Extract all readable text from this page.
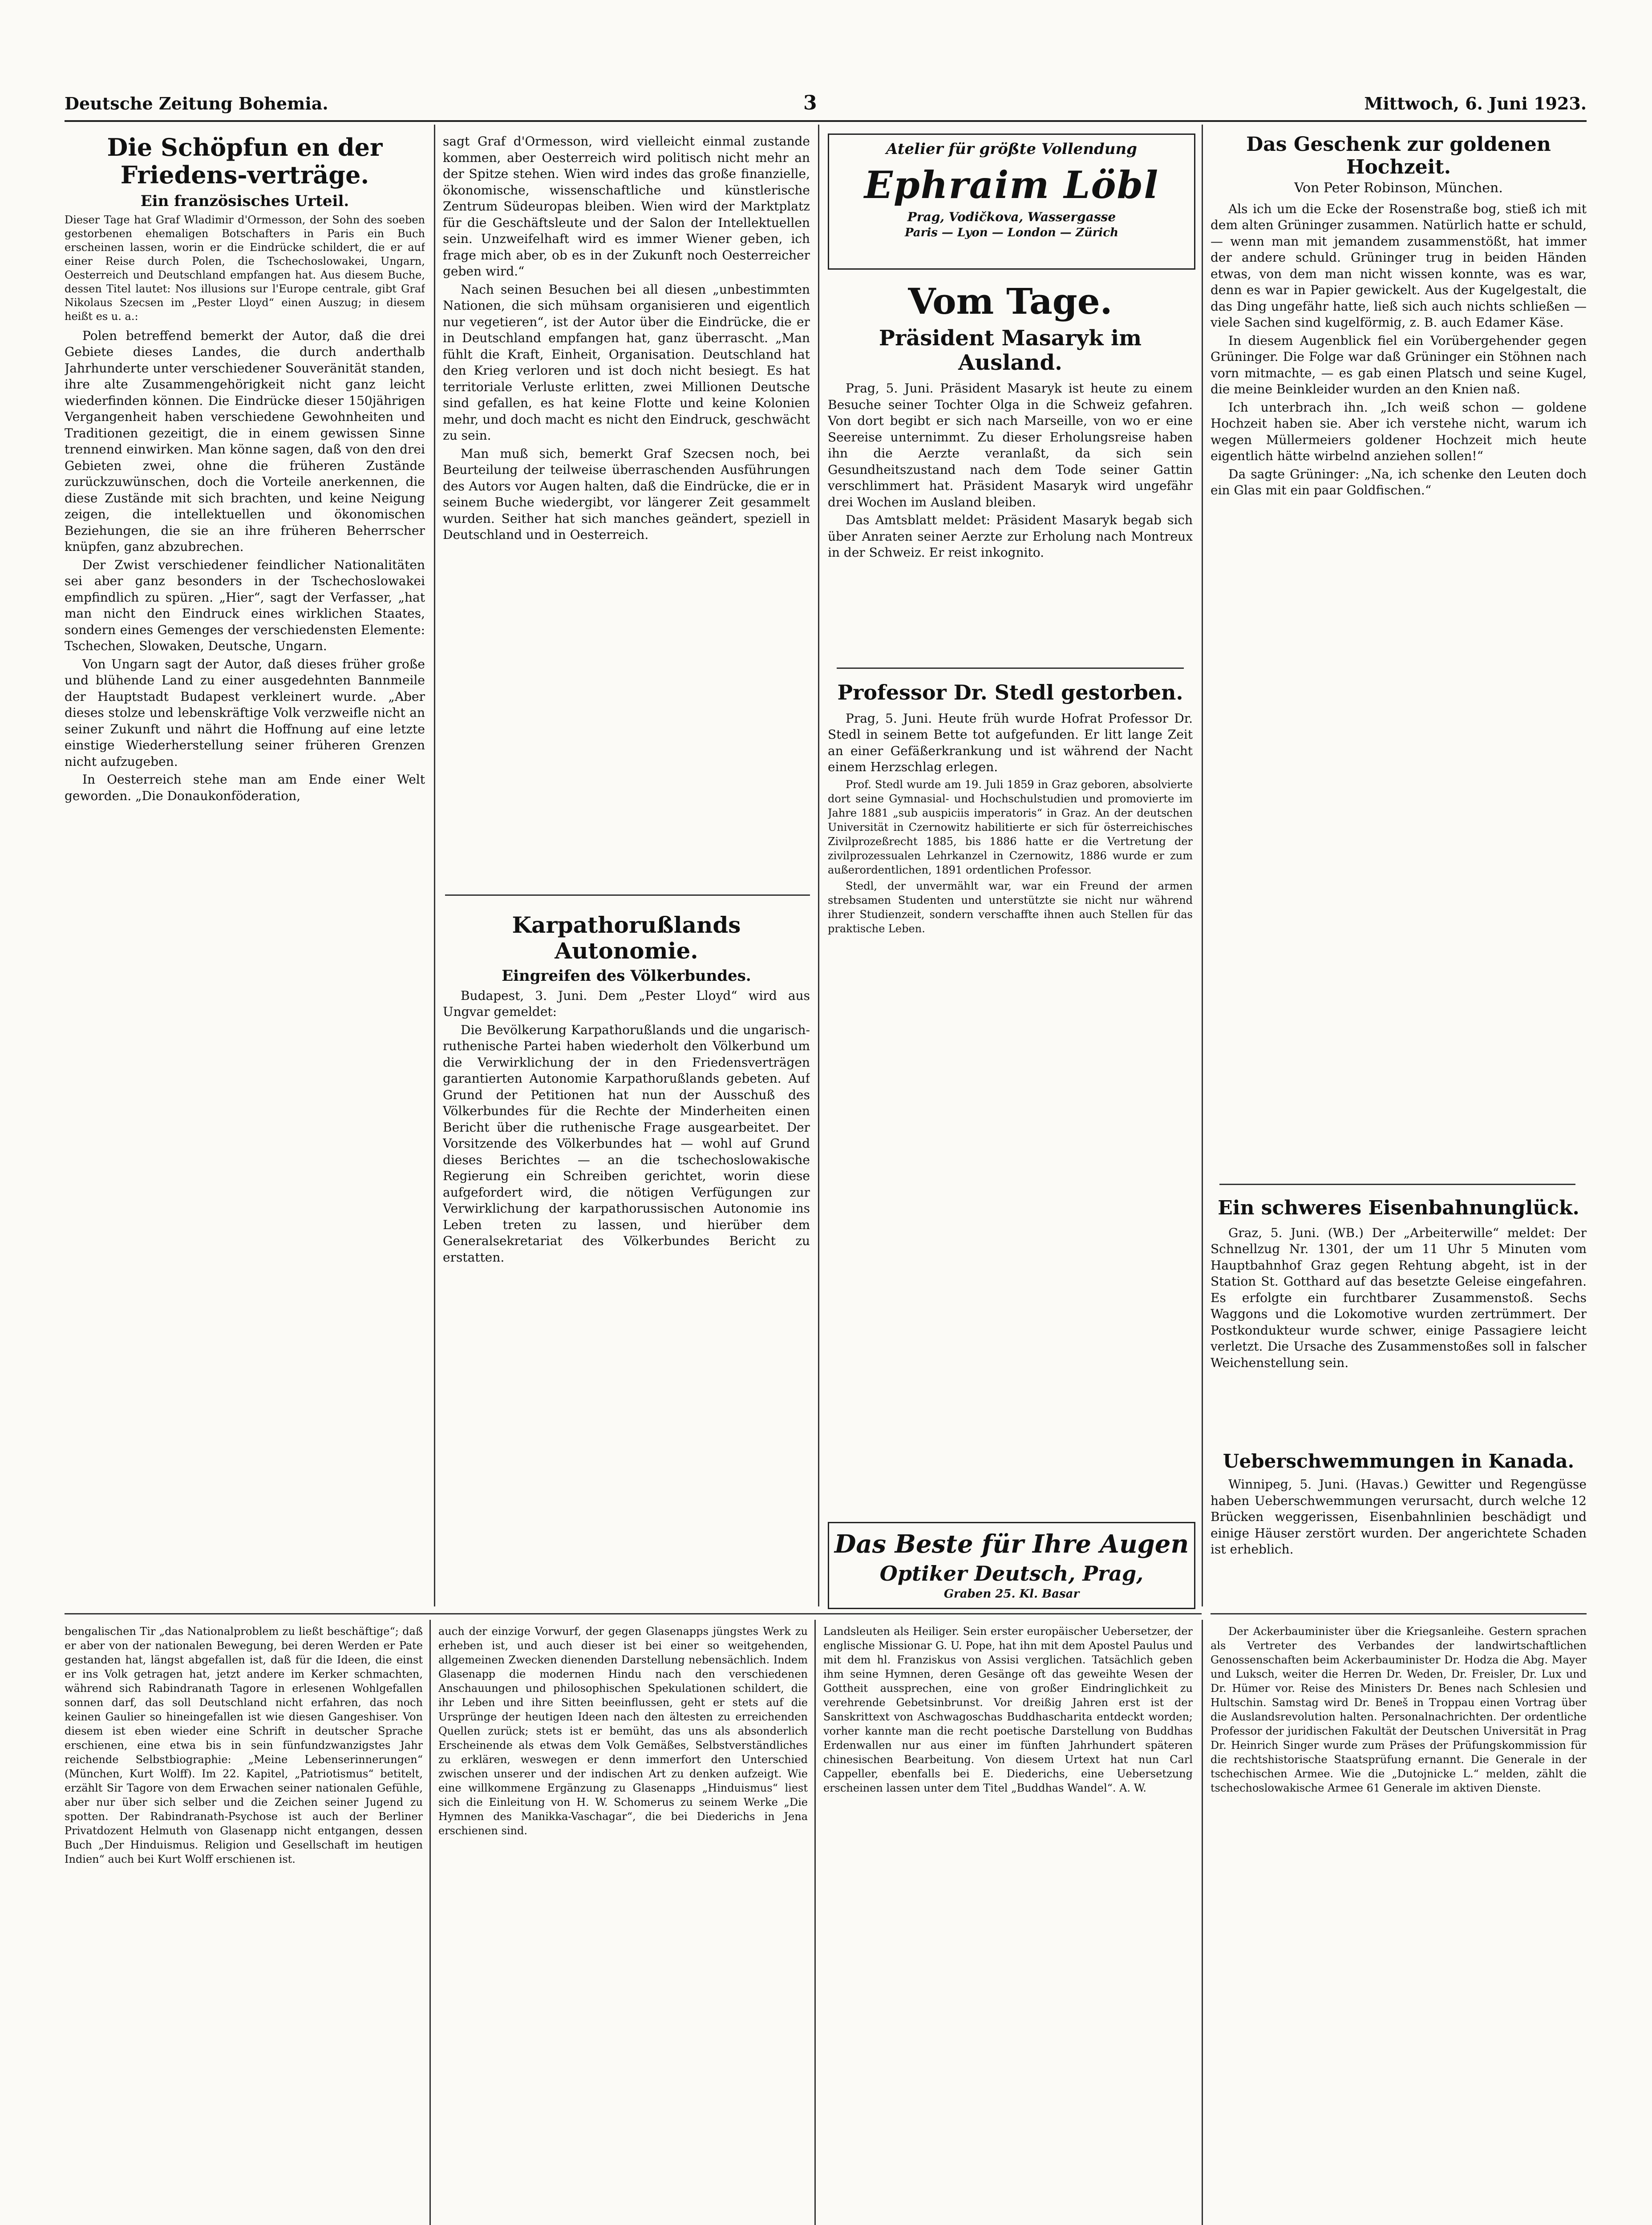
Deutsche Zeitung Bohemia.	3	Mittwoch, 6. Juni 1923.
Die Schöpfun en der Friedens-verträge.
Ein französisches Urteil.
Dieser Tage hat Graf Wladimir d'Ormesson, der Sohn des soeben gestorbenen ehemaligen Botschafters in Paris ein Buch erscheinen lassen, worin er die Eindrücke schildert, die er auf einer Reise durch Polen, die Tschechoslowakei, Ungarn, Oesterreich und Deutschland empfangen hat. Aus diesem Buche, dessen Titel lautet: Nos illusions sur l'Europe centrale, gibt Graf Nikolaus Szecsen im „Pester Lloyd“ einen Auszug; in diesem heißt es u. a.:

Polen betreffend bemerkt der Autor, daß die drei Gebiete dieses Landes, die durch anderthalb Jahrhunderte unter verschiedener Souveränität standen, ihre alte Zusammengehörigkeit nicht ganz leicht wiederfinden können. Die Eindrücke dieser 150jährigen Vergangenheit haben verschiedene Gewohnheiten und Traditionen gezeitigt, die in einem gewissen Sinne trennend einwirken. Man könne sagen, daß von den drei Gebieten zwei, ohne die früheren Zustände zurückzuwünschen, doch die Vorteile anerkennen, die diese Zustände mit sich brachten, und keine Neigung zeigen, die intellektuellen und ökonomischen Beziehungen, die sie an ihre früheren Beherrscher knüpfen, ganz abzubrechen.

Der Zwist verschiedener feindlicher Nationalitäten sei aber ganz besonders in der Tschechoslowakei empfindlich zu spüren. „Hier“, sagt der Verfasser, „hat man nicht den Eindruck eines wirklichen Staates, sondern eines Gemenges der verschiedensten Elemente: Tschechen, Slowaken, Deutsche, Ungarn.

Von Ungarn sagt der Autor, daß dieses früher große und blühende Land zu einer ausgedehnten Bannmeile der Hauptstadt Budapest verkleinert wurde. „Aber dieses stolze und lebenskräftige Volk verzweifle nicht an seiner Zukunft und nährt die Hoffnung auf eine letzte einstige Wiederherstellung seiner früheren Grenzen nicht aufzugeben.

In Oesterreich stehe man am Ende einer Welt geworden. „Die Donaukonföderation,

sagt Graf d'Ormesson, wird vielleicht einmal zustande kommen, aber Oesterreich wird politisch nicht mehr an der Spitze stehen. Wien wird indes das große finanzielle, ökonomische, wissenschaftliche und künstlerische Zentrum Südeuropas bleiben. Wien wird der Marktplatz für die Geschäftsleute und der Salon der Intellektuellen sein. Unzweifelhaft wird es immer Wiener geben, ich frage mich aber, ob es in der Zukunft noch Oesterreicher geben wird.“

Nach seinen Besuchen bei all diesen „unbestimmten Nationen, die sich mühsam organisieren und eigentlich nur vegetieren“, ist der Autor über die Eindrücke, die er in Deutschland empfangen hat, ganz überrascht. „Man fühlt die Kraft, Einheit, Organisation. Deutschland hat den Krieg verloren und ist doch nicht besiegt. Es hat territoriale Verluste erlitten, zwei Millionen Deutsche sind gefallen, es hat keine Flotte und keine Kolonien mehr, und doch macht es nicht den Eindruck, geschwächt zu sein.

Man muß sich, bemerkt Graf Szecsen noch, bei Beurteilung der teilweise überraschenden Ausführungen des Autors vor Augen halten, daß die Eindrücke, die er in seinem Buche wiedergibt, vor längerer Zeit gesammelt wurden. Seither hat sich manches geändert, speziell in Deutschland und in Oesterreich.

Karpathorußlands Autonomie.
Eingreifen des Völkerbundes.

Budapest, 3. Juni. Dem „Pester Lloyd“ wird aus Ungvar gemeldet:

Die Bevölkerung Karpathorußlands und die ungarisch-ruthenische Partei haben wiederholt den Völkerbund um die Verwirklichung der in den Friedensverträgen garantierten Autonomie Karpathorußlands gebeten. Auf Grund der Petitionen hat nun der Ausschuß des Völkerbundes für die Rechte der Minderheiten einen Bericht über die ruthenische Frage ausgearbeitet. Der Vorsitzende des Völkerbundes hat — wohl auf Grund dieses Berichtes — an die tschechoslowakische Regierung ein Schreiben gerichtet, worin diese aufgefordert wird, die nötigen Verfügungen zur Verwirklichung der karpathorussischen Autonomie ins Leben treten zu lassen, und hierüber dem Generalsekretariat des Völkerbundes Bericht zu erstatten.

Atelier für größte Vollendung
Ephraim Löbl
Prag, Vodičkova, Wassergasse
Paris — Lyon — London — Zürich
Vom Tage.
Präsident Masaryk im Ausland.

Prag, 5. Juni. Präsident Masaryk ist heute zu einem Besuche seiner Tochter Olga in die Schweiz gefahren. Von dort begibt er sich nach Marseille, von wo er eine Seereise unternimmt. Zu dieser Erholungsreise haben ihn die Aerzte veranlaßt, da sich sein Gesundheitszustand nach dem Tode seiner Gattin verschlimmert hat. Präsident Masaryk wird ungefähr drei Wochen im Ausland bleiben.

Das Amtsblatt meldet: Präsident Masaryk begab sich über Anraten seiner Aerzte zur Erholung nach Montreux in der Schweiz. Er reist inkognito.

Professor Dr. Stedl gestorben.

Prag, 5. Juni. Heute früh wurde Hofrat Professor Dr. Stedl in seinem Bette tot aufgefunden. Er litt lange Zeit an einer Gefäßerkrankung und ist während der Nacht einem Herzschlag erlegen.

Prof. Stedl wurde am 19. Juli 1859 in Graz geboren, absolvierte dort seine Gymnasial- und Hochschulstudien und promovierte im Jahre 1881 „sub auspiciis imperatoris“ in Graz. An der deutschen Universität in Czernowitz habilitierte er sich für österreichisches Zivilprozeßrecht 1885, bis 1886 hatte er die Vertretung der zivilprozessualen Lehrkanzel in Czernowitz, 1886 wurde er zum außerordentlichen, 1891 ordentlichen Professor.

Stedl, der unvermählt war, war ein Freund der armen strebsamen Studenten und unterstützte sie nicht nur während ihrer Studienzeit, sondern verschaffte ihnen auch Stellen für das praktische Leben.

Das Beste für Ihre Augen
Optiker Deutsch, Prag,
Graben 25. Kl. Basar
Das Geschenk zur goldenen Hochzeit.
Von Peter Robinson, München.

Als ich um die Ecke der Rosenstraße bog, stieß ich mit dem alten Grüninger zusammen. Natürlich hatte er schuld, — wenn man mit jemandem zusammenstößt, hat immer der andere schuld. Grüninger trug in beiden Händen etwas, von dem man nicht wissen konnte, was es war, denn es war in Papier gewickelt. Aus der Kugelgestalt, die das Ding ungefähr hatte, ließ sich auch nichts schließen — viele Sachen sind kugelförmig, z. B. auch Edamer Käse.

In diesem Augenblick fiel ein Vorübergehender gegen Grüninger. Die Folge war daß Grüninger ein Stöhnen nach vorn mitmachte, — es gab einen Platsch und seine Kugel, die meine Beinkleider wurden an den Knien naß.

Ich unterbrach ihn. „Ich weiß schon — goldene Hochzeit haben sie. Aber ich verstehe nicht, warum ich wegen Müllermeiers goldener Hochzeit mich heute eigentlich hätte wirbelnd anziehen sollen!“

Da sagte Grüninger: „Na, ich schenke den Leuten doch ein Glas mit ein paar Goldfischen.“

Ein schweres Eisenbahnunglück.

Graz, 5. Juni. (WB.) Der „Arbeiterwille“ meldet: Der Schnellzug Nr. 1301, der um 11 Uhr 5 Minuten vom Hauptbahnhof Graz gegen Rehtung abgeht, ist in der Station St. Gotthard auf das besetzte Geleise eingefahren. Es erfolgte ein furchtbarer Zusammenstoß. Sechs Waggons und die Lokomotive wurden zertrümmert. Der Postkondukteur wurde schwer, einige Passagiere leicht verletzt. Die Ursache des Zusammenstoßes soll in falscher Weichenstellung sein.

Ueberschwemmungen in Kanada.

Winnipeg, 5. Juni. (Havas.) Gewitter und Regengüsse haben Ueberschwemmungen verursacht, durch welche 12 Brücken weggerissen, Eisenbahnlinien beschädigt und einige Häuser zerstört wurden. Der angerichtete Schaden ist erheblich.

bengalischen Tir „das Nationalproblem zu ließt beschäftige“; daß er aber von der nationalen Bewegung, bei deren Werden er Pate gestanden hat, längst abgefallen ist, daß für die Ideen, die einst er ins Volk getragen hat, jetzt andere im Kerker schmachten, während sich Rabindranath Tagore in erlesenen Wohlgefallen sonnen darf, das soll Deutschland nicht erfahren, das noch keinen Gaulier so hineingefallen ist wie diesen Gangeshiser. Von diesem ist eben wieder eine Schrift in deutscher Sprache erschienen, eine etwa bis in sein fünfundzwanzigstes Jahr reichende Selbstbiographie: „Meine Lebenserinnerungen“ (München, Kurt Wolff). Im 22. Kapitel, „Patriotismus“ betitelt, erzählt Sir Tagore von dem Erwachen seiner nationalen Gefühle, aber nur über sich selber und die Zeichen seiner Jugend zu spotten. Der Rabindranath-Psychose ist auch der Berliner Privatdozent Helmuth von Glasenapp nicht entgangen, dessen Buch „Der Hinduismus. Religion und Gesellschaft im heutigen Indien“ auch bei Kurt Wolff erschienen ist.

auch der einzige Vorwurf, der gegen Glasenapps jüngstes Werk zu erheben ist, und auch dieser ist bei einer so weitgehenden, allgemeinen Zwecken dienenden Darstellung nebensächlich. Indem Glasenapp die modernen Hindu nach den verschiedenen Anschauungen und philosophischen Spekulationen schildert, die ihr Leben und ihre Sitten beeinflussen, geht er stets auf die Ursprünge der heutigen Ideen nach den ältesten zu erreichenden Quellen zurück; stets ist er bemüht, das uns als absonderlich Erscheinende als etwas dem Volk Gemäßes, Selbstverständliches zu erklären, weswegen er denn immerfort den Unterschied zwischen unserer und der indischen Art zu denken aufzeigt. Wie eine willkommene Ergänzung zu Glasenapps „Hinduismus“ liest sich die Einleitung von H. W. Schomerus zu seinem Werke „Die Hymnen des Manikka-Vaschagar“, die bei Diederichs in Jena erschienen sind.

Landsleuten als Heiliger. Sein erster europäischer Uebersetzer, der englische Missionar G. U. Pope, hat ihn mit dem Apostel Paulus und mit dem hl. Franziskus von Assisi verglichen. Tatsächlich geben ihm seine Hymnen, deren Gesänge oft das geweihte Wesen der Gottheit aussprechen, eine von großer Eindringlichkeit zu verehrende Gebetsinbrunst. Vor dreißig Jahren erst ist der Sanskrittext von Aschwagoschas Buddhascharita entdeckt worden; vorher kannte man die recht poetische Darstellung von Buddhas Erdenwallen nur aus einer im fünften Jahrhundert späteren chinesischen Bearbeitung. Von diesem Urtext hat nun Carl Cappeller, ebenfalls bei E. Diederichs, eine Uebersetzung erscheinen lassen unter dem Titel „Buddhas Wandel“. A. W.

Der Ackerbauminister über die Kriegsanleihe. Gestern sprachen als Vertreter des Verbandes der landwirtschaftlichen Genossenschaften beim Ackerbauminister Dr. Hodza die Abg. Mayer und Luksch, weiter die Herren Dr. Weden, Dr. Freisler, Dr. Lux und Dr. Hümer vor. Reise des Ministers Dr. Benes nach Schlesien und Hultschin. Samstag wird Dr. Beneš in Troppau einen Vortrag über die Auslandsrevolution halten. Personalnachrichten. Der ordentliche Professor der juridischen Fakultät der Deutschen Universität in Prag Dr. Heinrich Singer wurde zum Präses der Prüfungskommission für die rechtshistorische Staatsprüfung ernannt. Die Generale in der tschechischen Armee. Wie die „Dutojnicke L.“ melden, zählt die tschechoslowakische Armee 61 Generale im aktiven Dienste.
